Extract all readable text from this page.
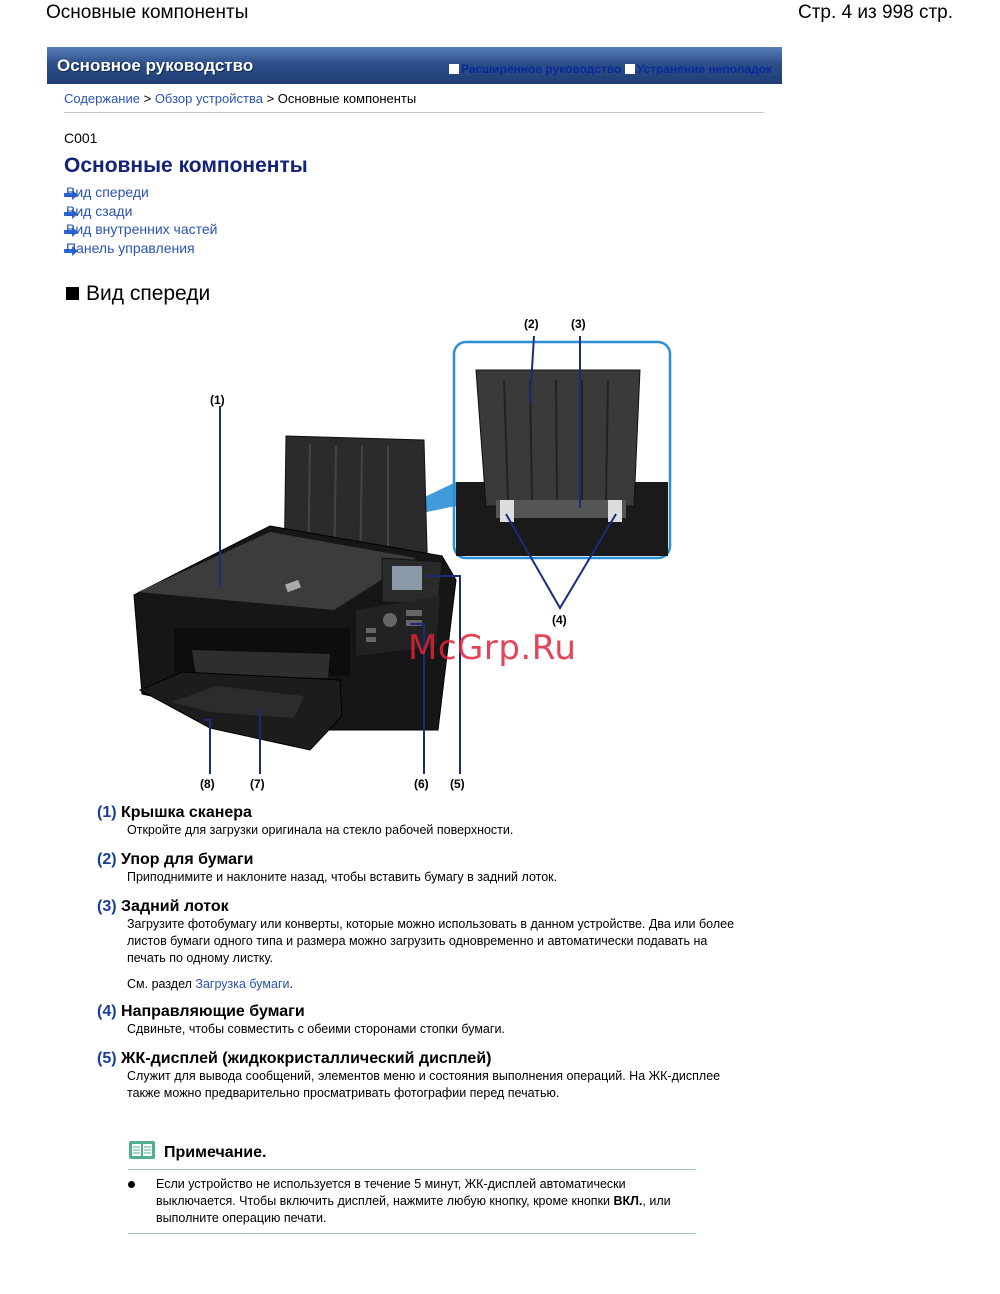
Основные компоненты	Стр. 4 из 998 стр.
Основное руководство	Расширенное руководство Устранение неполадок
Содержание > Обзор устройства > Основные компоненты
C001
Основные компоненты
Вид спереди
Вид сзади
Вид внутренних частей
Панель управления
Вид спереди
(1)
(2)	(3)
(4)
(5)
(6)
(7)
(8)
McGrp.Ru
(1) Крышка сканера
Откройте для загрузки оригинала на стекло рабочей поверхности.
(2) Упор для бумаги
Приподнимите и наклоните назад, чтобы вставить бумагу в задний лоток.
(3) Задний лоток
Загрузите фотобумагу или конверты, которые можно использовать в данном устройстве. Два или более листов бумаги одного типа и размера можно загрузить одновременно и автоматически подавать на печать по одному листку.
См. раздел Загрузка бумаги.
(4) Направляющие бумаги
Сдвиньте, чтобы совместить с обеими сторонами стопки бумаги.
(5) ЖК-дисплей (жидкокристаллический дисплей)
Служит для вывода сообщений, элементов меню и состояния выполнения операций. На ЖК-дисплее также можно предварительно просматривать фотографии перед печатью.
Примечание.
Если устройство не используется в течение 5 минут, ЖК-дисплей автоматически выключается. Чтобы включить дисплей, нажмите любую кнопку, кроме кнопки ВКЛ., или выполните операцию печати.
